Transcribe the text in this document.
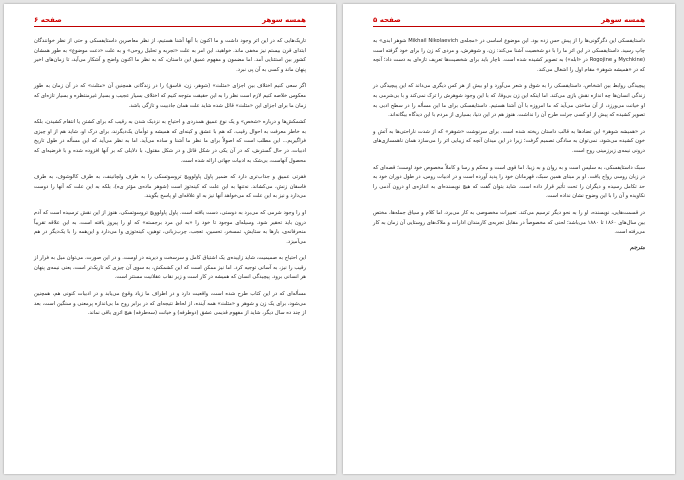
همسه سوهر
صفحه ۶

تاریک‌هایی که در این اثر وجود داشت و ما اکنون با آنها آشنا هستیم، از نظر معاصرین داستایفسکی و حتی از نظر خوانندگان ابتدای قرن بیستم نیز مخفی ماند. خواهید، این امر به علت «تجربه و تحلیل روحی» و به علت «دعت موضوع» به طور همشان کشور بین استثنایی آمد. اما مضمون و مفهوم عمیق این داستان، که به نظر ما اکنون واضح و آشکار می‌آید، تا زمان‌های اخیر پنهان ماند و کسی به آن پی نبرد.

اگر سعی کنیم اختلاف بین اجزای «مثلث» (شوهر، زن، فاسق) را در زندگانی همچنین آن «مثلث» که در آن زمان به طور معکوس خلاصه کنیم لازم است نظر را به این حقیقت متوجه کنیم که اختلاف بسیار عجیب و بسیار غیرمنتظره و بسیار تازه‌ای که زمان ما برای اجزای این «مثلث» قائل شده شاید علت همان جاذبیت و تازگی باشد.

کشمکش‌ها و درباره «شخص» و یک نوع عمیق همدردی و احتیاج به نزدیک شدن به رقیب که برای کشتن یا انتقام کشیدن، بلکه به خاطر معرفت به احوال رقیب، که هم با عشق و کینه‌ای که همیشه و توأمان یک‌دیگرند، برای درک او، شاید هم از او چیزی فراگیریم... این مطلب است که اصولاً برای ما نظر ما آشنا و ساده می‌آید. اما به نظر می‌آید که این مسأله در طول تاریخ ادبیات، در حال گسترش، که در آن یکی در شکل قاتل و در شکل مقتول، با دلایلی که بر آنها افزوده شده و با فرضیه‌ای که محصول آنهاست، بی‌شک به ادبیات جهانی ارائه شده است.

فقرتی عمیق و جذاب‌تری دارد که ضمیر پاول پاولوویچ تروسوتسکی را به طرف ولچانینف، به طرف کالوشوف، به طرف فاسقان زنش، می‌کشاند. نه‌تنها به این علت که کینه‌توز است (شوهر ماده‌ی مؤثر ی‌ه)، بلکه به این علت که آنها را دوست می‌دارد و نیز به این علت که می‌خواهد آنها نیز به او علاقه‌ای او پاسخ بگویند.

او را وجود شرمی که می‌برد به دوستی، دست یافته است. پاول پاولوویچ تروسوتسکی، هنوز از این نقش ترسیده است که آدم درون باید تحقیر شود. وسیله‌ای موجود تا خود را «به این مرد برجسته» که او را پیروز یافته است، به این علاقه تقریباً منحرفانه‌ی، بارها به ستایش، تمسخر، تحسین، تعجب، چرب‌زبانی، توهین، کینه‌توزی وا می‌دارد و این‌همه را با یک‌دیگر در هم می‌آمیزد.

این احتیاج به صمیمیت، شاید زاییده‌ی یک اشتیاق کامل و سرسخت و دیرینه در اوست. و در این صورت، می‌توان میل به فرار از رقیب را نیز، به آسانی توجیه کرد. اما نیز ممکن است که این کشمکش، به سوی آن چیزی که تاریک‌تر است، یعنی نیمه‌ی پنهان هر انسانی برود. پیچیدگی انسان که همیشه در کار است و زیر نقاب عقلانیت مستتر است.

مسأله‌ای که در این کتاب طرح شده است، واقعیت دارد و در اطراف ما زیاد وقوع می‌یابد و در ادبیات کنونی هم، همچنین می‌شود، برای یک زن و شوهر و «مثلث» همه آینده، از لحاظ نتیجه‌ای که در برابر روح ما بی‌اندازه پرمعنی و سنگین است، بعد از چند ده سال دیگر، شاید از مفهوم قدیمی عشق (دوطرفه) و خیانت (سه‌طرفه) هیچ اثری باقی نماند.

همسه سوهر
صفحه ۵

داستایفسکی این دگرگونی‌ها را از پیش حس زده بود. این موضوع اساسی در «مجله‌ی Mikhail Nikolaevich شوهر ابدی» به چاپ رسید. داستایفسکی در این اثر ما را با دو شخصیت آشنا می‌کند: زن، و شوهرش، و مردی که زن را برای خود گرفته است (Mychkine و Rogojine در «ابله») به تصویر کشیده شده است. ناچار باید برای شخصیت‌ها تعریف تازه‌ای به دست داد؛ آنچه که در «همیشه شوهر» مقام اول را اشغال می‌کند.

پیچیدگی روابط بین اشخاص، داستایفسکی را به شوق و شعر می‌آورد و او بیش از هر کس دیگری می‌داند که این پیچیدگی در زندگی انسان‌ها چه اندازه نقش بازی می‌کند. اما اینکه این زن بی‌وفا، که با این وجود شوهرش را ترک نمی‌کند و با بی‌شرمی به او خیانت می‌ورزد، از آن ساختی می‌آید که ما امروزه با آن آشنا هستیم. داستایفسکی برای ما این مسأله را در سطح ادبی به تصویر کشیده که پیش از او کسی جرئت طرح آن را نداشت. هنوز هم در این دنیا، بسیاری از مردم با این دیدگاه بیگانه‌اند.

در «همیشه شوهر» این تضادها به قالب داستان ریخته شده است. برای سرنوشت «شوهر» که از شدت ناراحتی‌ها به آتش و خون کشیده می‌شود، نمی‌توان به سادگی تصمیم گرفت؛ زیرا در این میدان آنچه که زیبایی اثر را می‌سازد همان ناهمسازی‌های درونی نیمه‌ی زیرزمینی روح است.

سبک داستایفسکی، به سلیس است و به روان و به زیبا. اما قوی است و محکم و رسا و کاملاً مخصوص خود اوست؛ قصه‌ای که در زبان روسی رواج یافت. او بر مبنای همین سبک، قهرمانان خود را پدید آورده است و در ادبیات روس، در طول دوران خود به حد تکامل رسیده و دیگران را تحت تأثیر قرار داده است. شاید بتوان گفت که هیچ نویسنده‌ای به اندازه‌ی او درون آدمی را نکاویده و آن را با این وضوح نشان نداده است.

در قسمت‌هایی، نویسنده، او را به نحو دیگر ترسیم می‌کند. تعبیرات مخصوصی به کار می‌برد، اما کلام و سیاق جمله‌ها، مختص بین سال‌های ۱۸۶۰ تا ۱۸۸۰ می‌باشد؛ لحنی که مخصوصاً در مقابل تجربه‌ی کارمندان ادارات و ملاک‌های روستایی آن زمان به کار می‌رفته است.

مترجم
